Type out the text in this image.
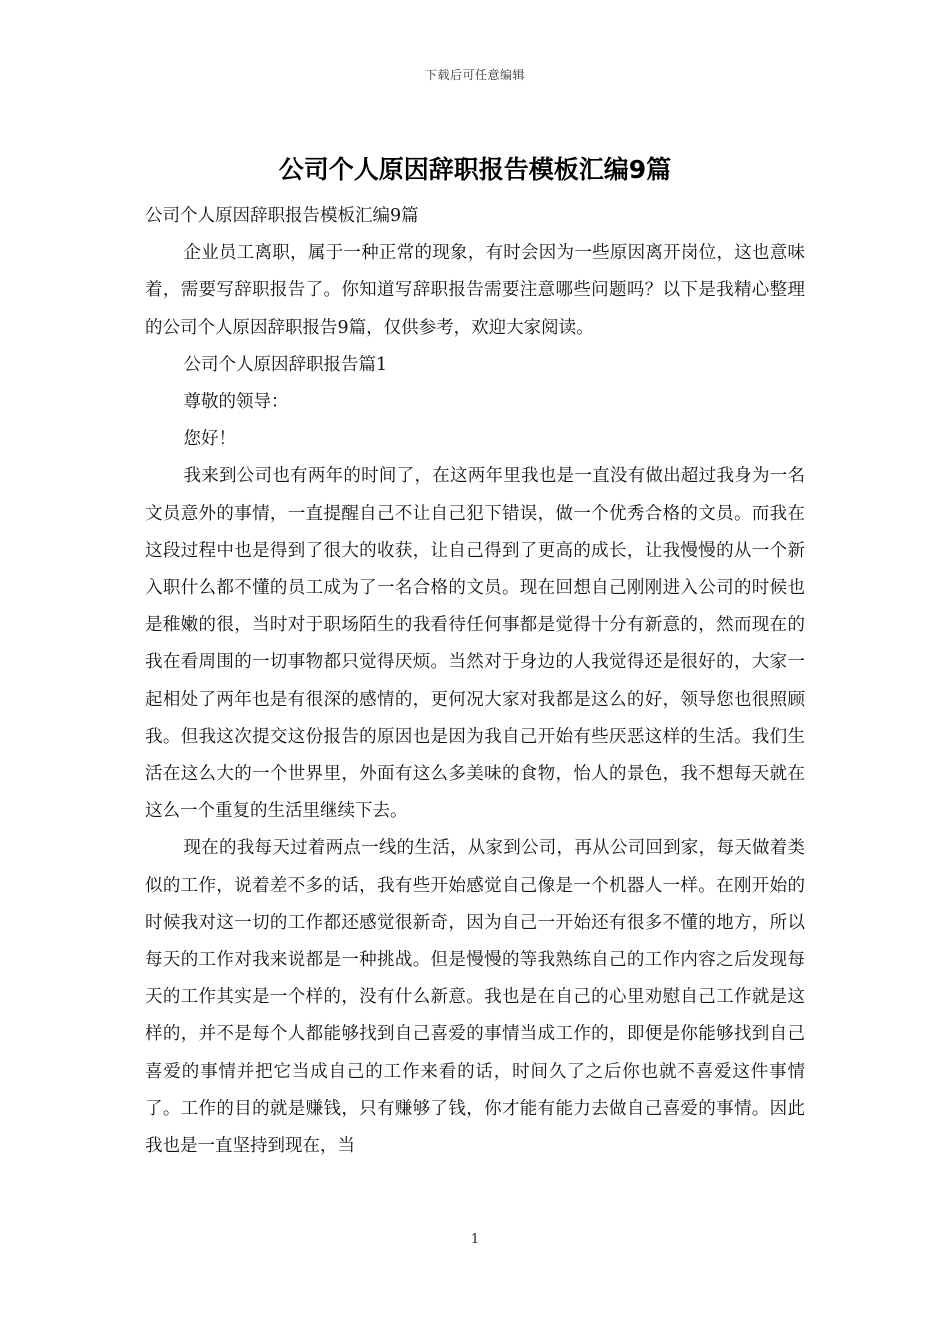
下载后可任意编辑
公司个人原因辞职报告模板汇编9篇

公司个人原因辞职报告模板汇编9篇

企业员工离职，属于一种正常的现象，有时会因为一些原因离开岗位，这也意味着，需要写辞职报告了。你知道写辞职报告需要注意哪些问题吗？以下是我精心整理的公司个人原因辞职报告9篇，仅供参考，欢迎大家阅读。

公司个人原因辞职报告篇1

尊敬的领导：

您好！

我来到公司也有两年的时间了，在这两年里我也是一直没有做出超过我身为一名文员意外的事情，一直提醒自己不让自己犯下错误，做一个优秀合格的文员。而我在这段过程中也是得到了很大的收获，让自己得到了更高的成长，让我慢慢的从一个新入职什么都不懂的员工成为了一名合格的文员。现在回想自己刚刚进入公司的时候也是稚嫩的很，当时对于职场陌生的我看待任何事都是觉得十分有新意的，然而现在的我在看周围的一切事物都只觉得厌烦。当然对于身边的人我觉得还是很好的，大家一起相处了两年也是有很深的感情的，更何况大家对我都是这么的好，领导您也很照顾我。但我这次提交这份报告的原因也是因为我自己开始有些厌恶这样的生活。我们生活在这么大的一个世界里，外面有这么多美味的食物，怡人的景色，我不想每天就在这么一个重复的生活里继续下去。

现在的我每天过着两点一线的生活，从家到公司，再从公司回到家，每天做着类似的工作，说着差不多的话，我有些开始感觉自己像是一个机器人一样。在刚开始的时候我对这一切的工作都还感觉很新奇，因为自己一开始还有很多不懂的地方，所以每天的工作对我来说都是一种挑战。但是慢慢的等我熟练自己的工作内容之后发现每天的工作其实是一个样的，没有什么新意。我也是在自己的心里劝慰自己工作就是这样的，并不是每个人都能够找到自己喜爱的事情当成工作的，即便是你能够找到自己喜爱的事情并把它当成自己的工作来看的话，时间久了之后你也就不喜爱这件事情了。工作的目的就是赚钱，只有赚够了钱，你才能有能力去做自己喜爱的事情。因此我也是一直坚持到现在，当

1
